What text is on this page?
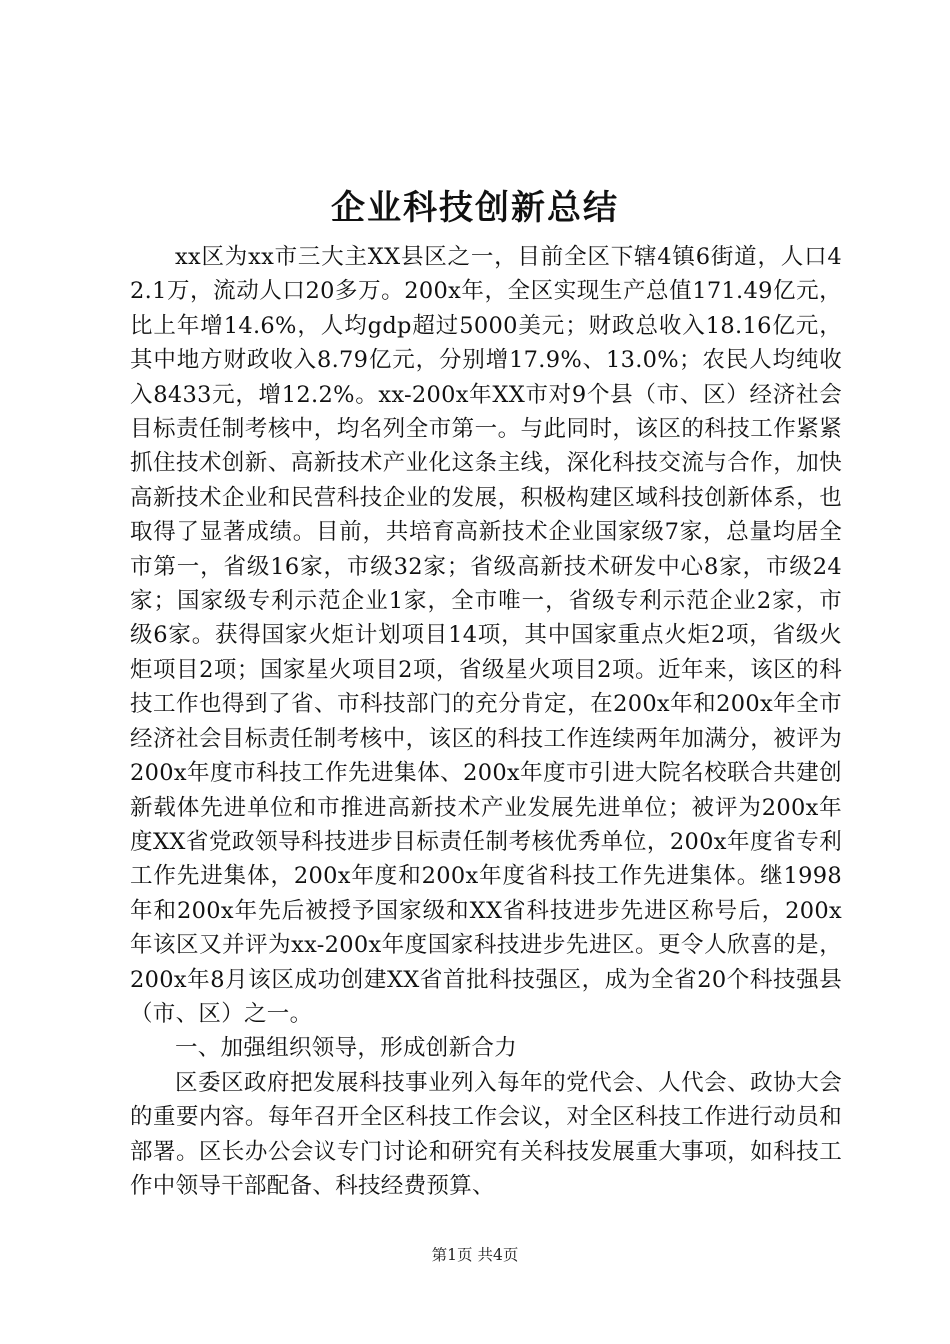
企业科技创新总结

xx区为xx市三大主XX县区之一，目前全区下辖4镇6街道，人口42.1万，流动人口20多万。200x年，全区实现生产总值171.49亿元，比上年增14.6%，人均gdp超过5000美元；财政总收入18.16亿元，其中地方财政收入8.79亿元，分别增17.9%、13.0%；农民人均纯收入8433元，增12.2%。xx-200x年XX市对9个县（市、区）经济社会目标责任制考核中，均名列全市第一。与此同时，该区的科技工作紧紧抓住技术创新、高新技术产业化这条主线，深化科技交流与合作，加快高新技术企业和民营科技企业的发展，积极构建区域科技创新体系，也取得了显著成绩。目前，共培育高新技术企业国家级7家，总量均居全市第一，省级16家，市级32家；省级高新技术研发中心8家，市级24家；国家级专利示范企业1家，全市唯一，省级专利示范企业2家，市级6家。获得国家火炬计划项目14项，其中国家重点火炬2项，省级火炬项目2项；国家星火项目2项，省级星火项目2项。近年来，该区的科技工作也得到了省、市科技部门的充分肯定，在200x年和200x年全市经济社会目标责任制考核中，该区的科技工作连续两年加满分，被评为200x年度市科技工作先进集体、200x年度市引进大院名校联合共建创新载体先进单位和市推进高新技术产业发展先进单位；被评为200x年度XX省党政领导科技进步目标责任制考核优秀单位，200x年度省专利工作先进集体，200x年度和200x年度省科技工作先进集体。继1998年和200x年先后被授予国家级和XX省科技进步先进区称号后，200x年该区又并评为xx-200x年度国家科技进步先进区。更令人欣喜的是，200x年8月该区成功创建XX省首批科技强区，成为全省20个科技强县（市、区）之一。

一、加强组织领导，形成创新合力

区委区政府把发展科技事业列入每年的党代会、人代会、政协大会的重要内容。每年召开全区科技工作会议，对全区科技工作进行动员和部署。区长办公会议专门讨论和研究有关科技发展重大事项，如科技工作中领导干部配备、科技经费预算、

第1页 共4页
